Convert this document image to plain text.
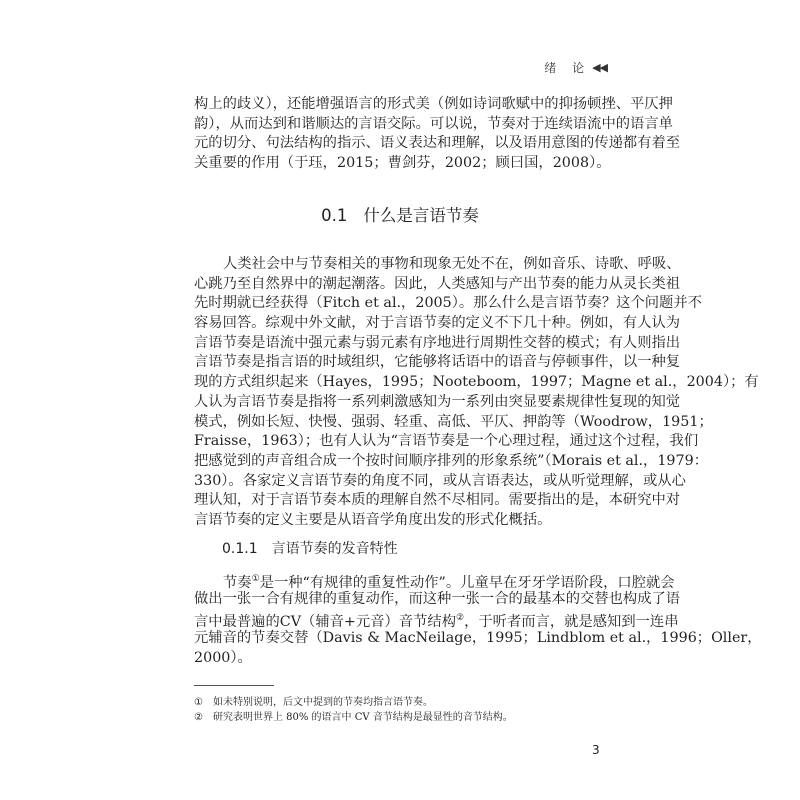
绪 论 ◀◀
构上的歧义），还能增强语言的形式美（例如诗词歌赋中的抑扬顿挫、平仄押
韵），从而达到和谐顺达的言语交际。可以说，节奏对于连续语流中的语言单
元的切分、句法结构的指示、语义表达和理解，以及语用意图的传递都有着至
关重要的作用（于珏，2015；曹剑芬，2002；顾曰国，2008）。
0.1 什么是言语节奏
人类社会中与节奏相关的事物和现象无处不在，例如音乐、诗歌、呼吸、
心跳乃至自然界中的潮起潮落。因此，人类感知与产出节奏的能力从灵长类祖
先时期就已经获得（Fitch et al.，2005）。那么什么是言语节奏？这个问题并不
容易回答。综观中外文献，对于言语节奏的定义不下几十种。例如，有人认为
言语节奏是语流中强元素与弱元素有序地进行周期性交替的模式；有人则指出
言语节奏是指言语的时域组织，它能够将话语中的语音与停顿事件，以一种复
现的方式组织起来（Hayes，1995；Nooteboom，1997；Magne et al.，2004）；有
人认为言语节奏是指将一系列刺激感知为一系列由突显要素规律性复现的知觉
模式，例如长短、快慢、强弱、轻重、高低、平仄、押韵等（Woodrow，1951；
Fraisse，1963）；也有人认为“言语节奏是一个心理过程，通过这个过程，我们
把感觉到的声音组合成一个按时间顺序排列的形象系统”（Morais et al.，1979：
330）。各家定义言语节奏的角度不同，或从言语表达，或从听觉理解，或从心
理认知，对于言语节奏本质的理解自然不尽相同。需要指出的是，本研究中对
言语节奏的定义主要是从语音学角度出发的形式化概括。
0.1.1 言语节奏的发音特性
节奏①是一种“有规律的重复性动作”。儿童早在牙牙学语阶段，口腔就会
做出一张一合有规律的重复动作，而这种一张一合的最基本的交替也构成了语
言中最普遍的CV（辅音+元音）音节结构②，于听者而言，就是感知到一连串
元辅音的节奏交替（Davis & MacNeilage，1995；Lindblom et al.，1996；Oller，
2000）。
① 如未特别说明，后文中提到的节奏均指言语节奏。
② 研究表明世界上 80% 的语言中 CV 音节结构是最显性的音节结构。
3
